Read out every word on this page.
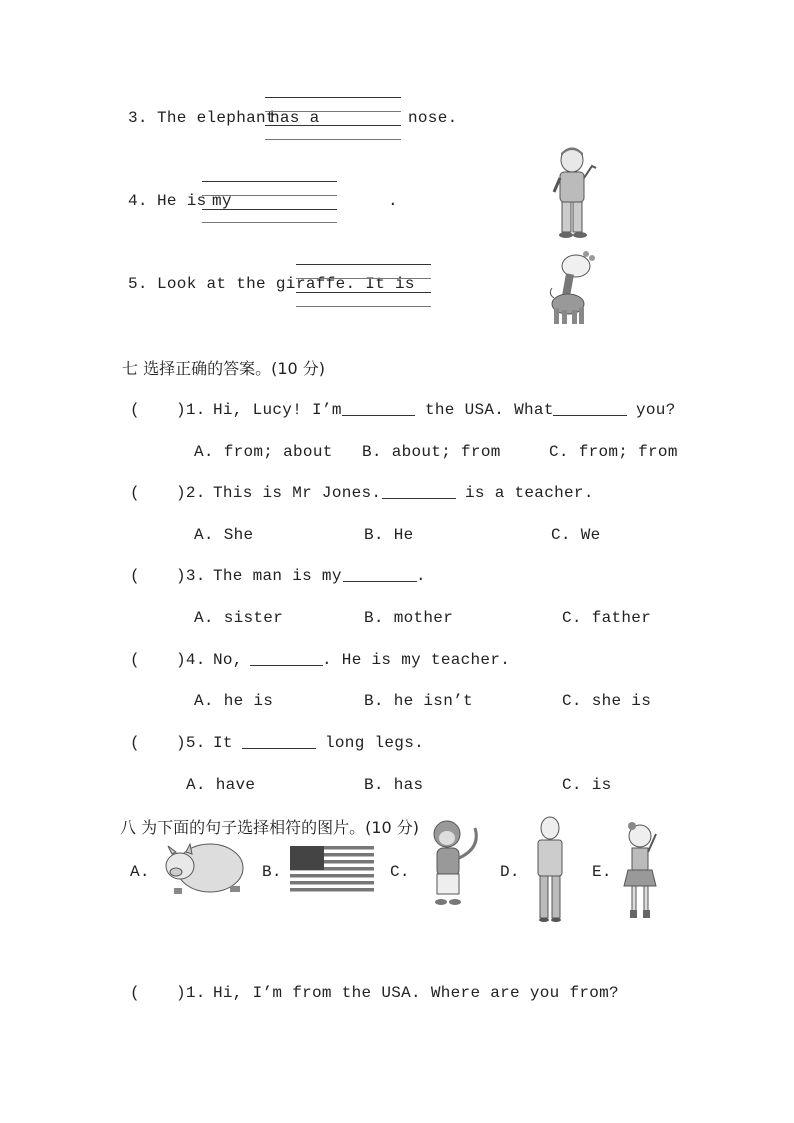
3. The elephant
has a	nose.
4. He is my	.
5. Look at the gi raffe. It is
七 选择正确的答案。(10 分)
( )1. Hi, Lucy! I’m	the USA. What	you?
A. from; about B. about; from	C. from; from
( )2. This is Mr Jones.	is a teacher.
A. She	B. He	C. We
( )3. The man is my	.
A. sister	B. mother	C. father
( )4. No,	. He is my teacher.
A. he is	B. he isn’t	C. she is
( )5. It	long legs.
A. have	B. has	C. is
八 为下面的句子选择相符的图片。(10 分)
A.	B.	C.	D.	E.
( )1. Hi, I’m from the USA. Where are you from?
